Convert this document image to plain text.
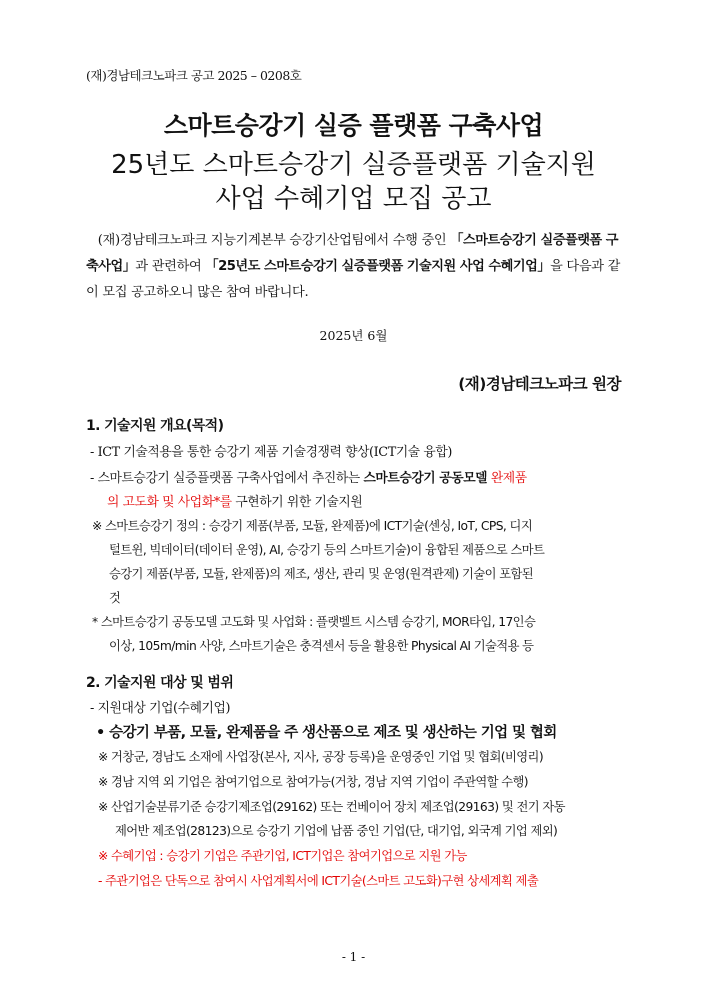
(재)경남테크노파크 공고 2025 – 0208호
스마트승강기 실증 플랫폼 구축사업
25년도 스마트승강기 실증플랫폼 기술지원
사업 수혜기업 모집 공고
(재)경남테크노파크 지능기계본부 승강기산업팀에서 수행 중인 「스마트승강기 실증플랫폼 구축사업」과 관련하여 「25년도 스마트승강기 실증플랫폼 기술지원 사업 수혜기업」을 다음과 같이 모집 공고하오니 많은 참여 바랍니다.
2025년 6월
(재)경남테크노파크 원장
1. 기술지원 개요(목적)
- ICT 기술적용을 통한 승강기 제품 기술경쟁력 향상(ICT기술 융합)
- 스마트승강기 실증플랫폼 구축사업에서 추진하는 스마트승강기 공동모델 완제품
의 고도화 및 사업화*를 구현하기 위한 기술지원
※ 스마트승강기 정의 : 승강기 제품(부품, 모듈, 완제품)에 ICT기술(센싱, IoT, CPS, 디지
털트윈, 빅데이터(데이터 운영), AI, 승강기 등의 스마트기술)이 융합된 제품으로 스마트
승강기 제품(부품, 모듈, 완제품)의 제조, 생산, 관리 및 운영(원격관제) 기술이 포함된
것
* 스마트승강기 공동모델 고도화 및 사업화 : 플랫벨트 시스템 승강기, MOR타입, 17인승
이상, 105m/min 사양, 스마트기술은 충격센서 등을 활용한 Physical AI 기술적용 등
2. 기술지원 대상 및 범위
- 지원대상 기업(수혜기업)
• 승강기 부품, 모듈, 완제품을 주 생산품으로 제조 및 생산하는 기업 및 협회
※ 거창군, 경남도 소재에 사업장(본사, 지사, 공장 등록)을 운영중인 기업 및 협회(비영리)
※ 경남 지역 외 기업은 참여기업으로 참여가능(거창, 경남 지역 기업이 주관역할 수행)
※ 산업기술분류기준 승강기제조업(29162) 또는 컨베이어 장치 제조업(29163) 및 전기 자동
제어반 제조업(28123)으로 승강기 기업에 납품 중인 기업(단, 대기업, 외국계 기업 제외)
※ 수혜기업 : 승강기 기업은 주관기업, ICT기업은 참여기업으로 지원 가능
- 주관기업은 단독으로 참여시 사업계획서에 ICT기술(스마트 고도화)구현 상세계획 제출
- 1 -
